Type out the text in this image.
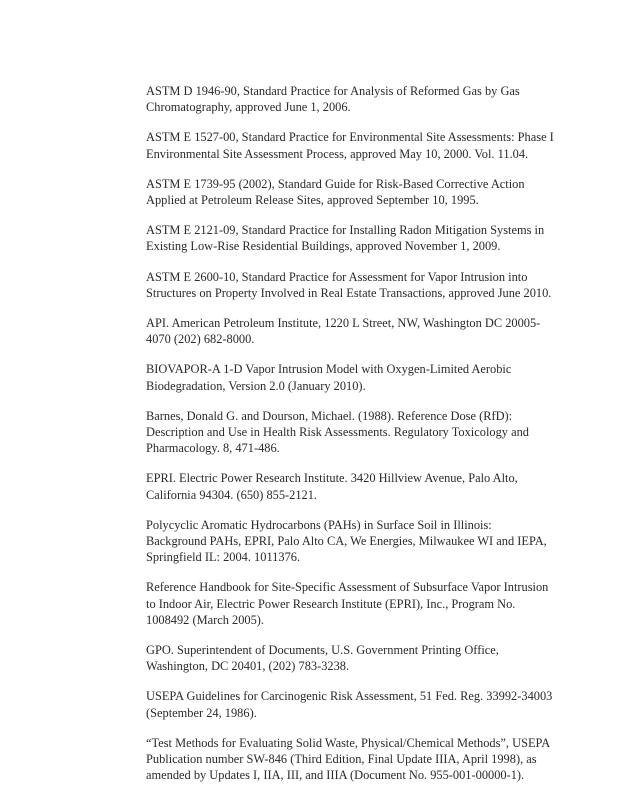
ASTM D 1946-90, Standard Practice for Analysis of Reformed Gas by Gas
Chromatography, approved June 1, 2006.
ASTM E 1527-00, Standard Practice for Environmental Site Assessments: Phase I
Environmental Site Assessment Process, approved May 10, 2000. Vol. 11.04.
ASTM E 1739-95 (2002), Standard Guide for Risk-Based Corrective Action
Applied at Petroleum Release Sites, approved September 10, 1995.
ASTM E 2121-09, Standard Practice for Installing Radon Mitigation Systems in
Existing Low-Rise Residential Buildings, approved November 1, 2009.
ASTM E 2600-10, Standard Practice for Assessment for Vapor Intrusion into
Structures on Property Involved in Real Estate Transactions, approved June 2010.
API. American Petroleum Institute, 1220 L Street, NW, Washington DC 20005-
4070 (202) 682-8000.
BIOVAPOR-A 1-D Vapor Intrusion Model with Oxygen-Limited Aerobic
Biodegradation, Version 2.0 (January 2010).
Barnes, Donald G. and Dourson, Michael. (1988). Reference Dose (RfD):
Description and Use in Health Risk Assessments. Regulatory Toxicology and
Pharmacology. 8, 471-486.
EPRI. Electric Power Research Institute. 3420 Hillview Avenue, Palo Alto,
California 94304. (650) 855-2121.
Polycyclic Aromatic Hydrocarbons (PAHs) in Surface Soil in Illinois:
Background PAHs, EPRI, Palo Alto CA, We Energies, Milwaukee WI and IEPA,
Springfield IL: 2004. 1011376.
Reference Handbook for Site-Specific Assessment of Subsurface Vapor Intrusion
to Indoor Air, Electric Power Research Institute (EPRI), Inc., Program No.
1008492 (March 2005).
GPO. Superintendent of Documents, U.S. Government Printing Office,
Washington, DC 20401, (202) 783-3238.
USEPA Guidelines for Carcinogenic Risk Assessment, 51 Fed. Reg. 33992-34003
(September 24, 1986).
“Test Methods for Evaluating Solid Waste, Physical/Chemical Methods”, USEPA
Publication number SW-846 (Third Edition, Final Update IIIA, April 1998), as
amended by Updates I, IIA, III, and IIIA (Document No. 955-001-00000-1).
